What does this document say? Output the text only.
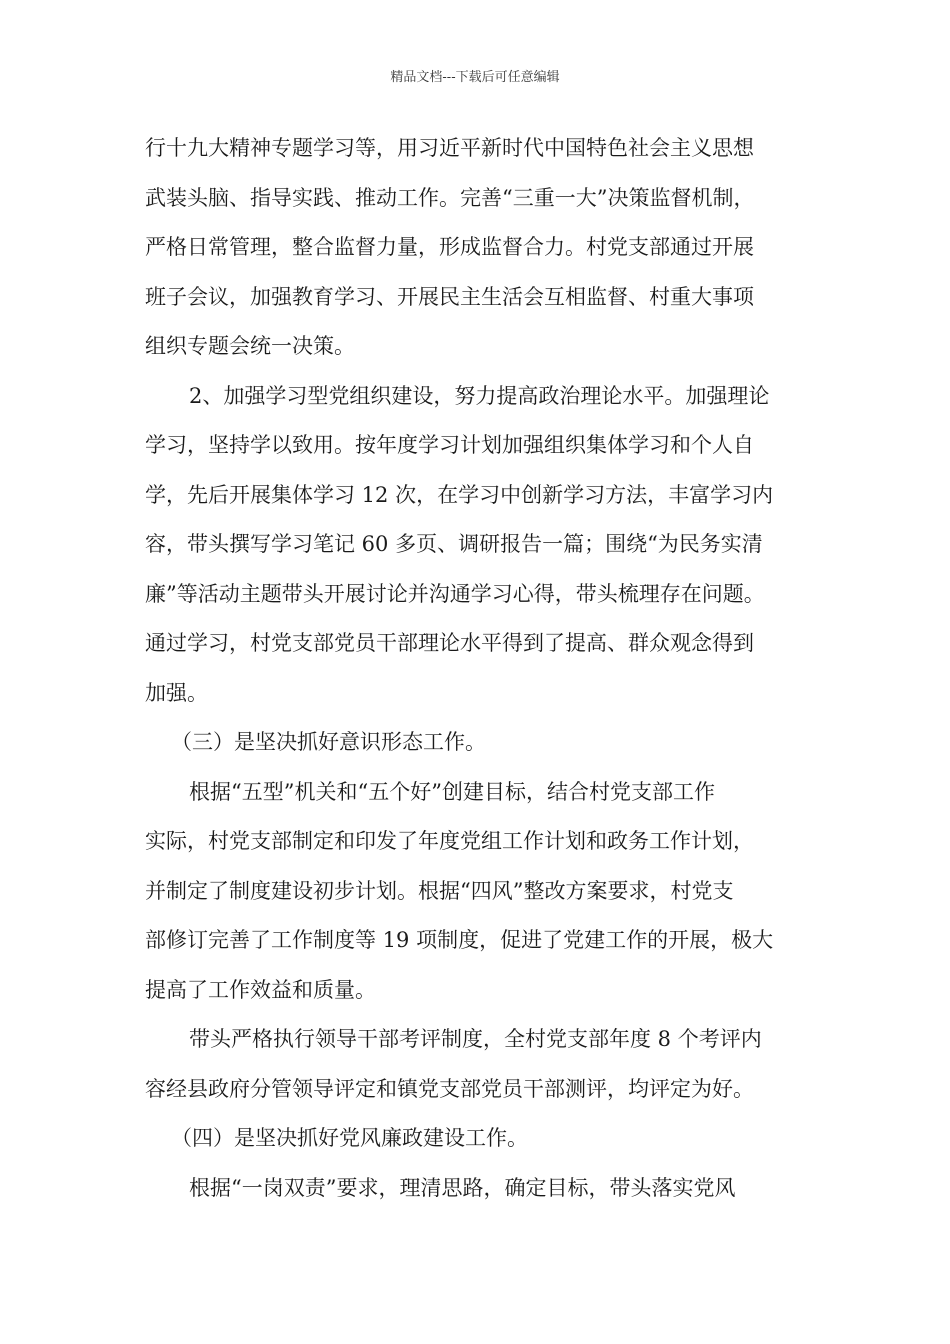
精品文档---下载后可任意编辑
行十九大精神专题学习等，用习近平新时代中国特色社会主义思想
武装头脑、指导实践、推动工作。完善“三重一大”决策监督机制，
严格日常管理，整合监督力量，形成监督合力。村党支部通过开展
班子会议，加强教育学习、开展民主生活会互相监督、村重大事项
组织专题会统一决策。
2、加强学习型党组织建设，努力提高政治理论水平。加强理论
学习，坚持学以致用。按年度学习计划加强组织集体学习和个人自
学，先后开展集体学习 12 次，在学习中创新学习方法，丰富学习内
容，带头撰写学习笔记 60 多页、调研报告一篇；围绕“为民务实清
廉”等活动主题带头开展讨论并沟通学习心得，带头梳理存在问题。
通过学习，村党支部党员干部理论水平得到了提高、群众观念得到
加强。
（三）是坚决抓好意识形态工作。
根据“五型”机关和“五个好”创建目标，结合村党支部工作
实际，村党支部制定和印发了年度党组工作计划和政务工作计划，
并制定了制度建设初步计划。根据“四风”整改方案要求，村党支
部修订完善了工作制度等 19 项制度，促进了党建工作的开展，极大
提高了工作效益和质量。
带头严格执行领导干部考评制度，全村党支部年度 8 个考评内
容经县政府分管领导评定和镇党支部党员干部测评，均评定为好。
（四）是坚决抓好党风廉政建设工作。
根据“一岗双责”要求，理清思路，确定目标，带头落实党风
